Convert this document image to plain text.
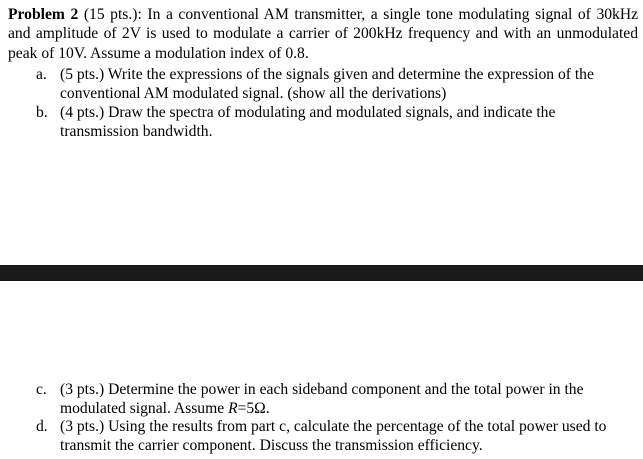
Problem 2 (15 pts.): In a conventional AM transmitter, a single tone modulating signal of 30kHz and amplitude of 2V is used to modulate a carrier of 200kHz frequency and with an unmodulated peak of 10V. Assume a modulation index of 0.8.

a. (5 pts.) Write the expressions of the signals given and determine the expression of the conventional AM modulated signal. (show all the derivations)
b. (4 pts.) Draw the spectra of modulating and modulated signals, and indicate the transmission bandwidth.
c. (3 pts.) Determine the power in each sideband component and the total power in the modulated signal. Assume R=5Ω.
d. (3 pts.) Using the results from part c, calculate the percentage of the total power used to transmit the carrier component. Discuss the transmission efficiency.
